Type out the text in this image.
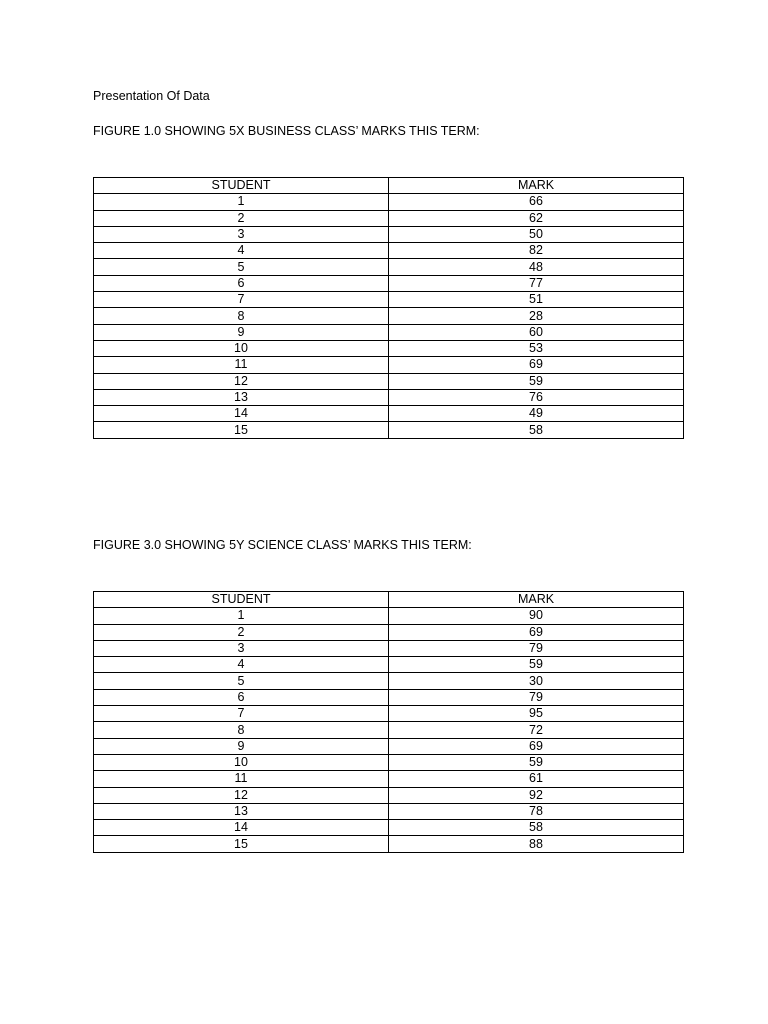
Presentation Of Data
FIGURE 1.0 SHOWING 5X BUSINESS CLASS’ MARKS THIS TERM:
STUDENT	MARK
1	66
2	62
3	50
4	82
5	48
6	77
7	51
8	28
9	60
10	53
11	69
12	59
13	76
14	49
15	58
FIGURE 3.0 SHOWING 5Y SCIENCE CLASS’ MARKS THIS TERM:
STUDENT	MARK
1	90
2	69
3	79
4	59
5	30
6	79
7	95
8	72
9	69
10	59
11	61
12	92
13	78
14	58
15	88
